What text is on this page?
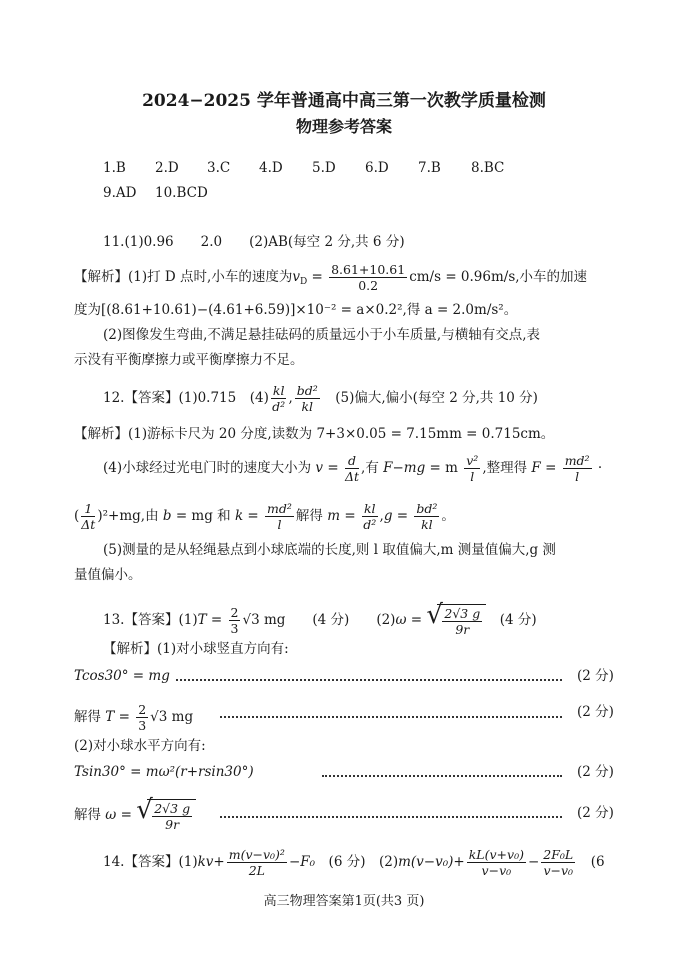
2024−2025 学年普通高中高三第一次教学质量检测
物理参考答案
1.B 2.D 3.C 4.D 5.D 6.D 7.B 8.BC
9.AD 10.BCD
11.(1)0.96　　2.0　　(2)AB(每空 2 分,共 6 分)
【解析】(1)打 D 点时,小车的速度为$v_D = \frac{8.61+10.61}{0.2} cm/s = 0.96m/s$,小车的加速
度为[(8.61+10.61)−(4.61+6.59)]×10⁻² = a×0.2²,得 a = 2.0m/s²。
(2)图像发生弯曲,不满足悬挂砝码的质量远小于小车质量,与横轴有交点,表
示没有平衡摩擦力或平衡摩擦力不足。
12.【答案】(1)0.715　$(4) \frac{kl}{\text{d²}}$ , $\frac{\text{bd²}}{kl}$ 　(5)偏大,偏小(每空 2 分,共 10 分)
【解析】(1)游标卡尺为 20 分度,读数为 7+3×0.05 = 7.15mm = 0.715cm。
(4)小球经过光电门时的速度大小为 $v = \frac{d}{\Delta t}$ ,有 F−mg = m $\frac{\text{v²}}{l}$ ,整理得 $F = \frac{\text{md²}}{l}$ ·
( $\frac{1}{\Delta t} )^2+mg$,由 b = mg 和 $k = \frac{\text{md²}}{l}$ 解得 $m = \frac{kl}{\text{d²}} ,g = \frac{\text{bd²}}{kl}$ 。
(5)测量的是从轻绳悬点到小球底端的长度,则 l 取值偏大,m 测量值偏大,g 测
量值偏小。
13.【答案】$(1)T = \frac{2}{3} √3$ mg　　(4 分)　　(2)ω = √ $\frac{2√3 g}{9r}$ 　(4 分)
【解析】(1)对小球竖直方向有:
Tcos30° = mg	(2 分)
解得 $T = \frac{2}{3} √3$ mg	(2 分)
(2)对小球水平方向有:
Tsin30° = mω²(r+rsin30°)	(2 分)
解得 ω = √ $\frac{2√3 g}{9r}$	(2 分)
14.【答案】$(1)kv+ \frac{\text{m(v−v₀)²}}{2L} -F_0$　(6 分)　$(2)m(v-v_0)+ \frac{\text{kL(v+v₀)}}{\text{v−v₀}} - \frac{\text{2F₀L}}{\text{v−v₀}}$ 　(6
高三物理答案第1页(共3 页)
